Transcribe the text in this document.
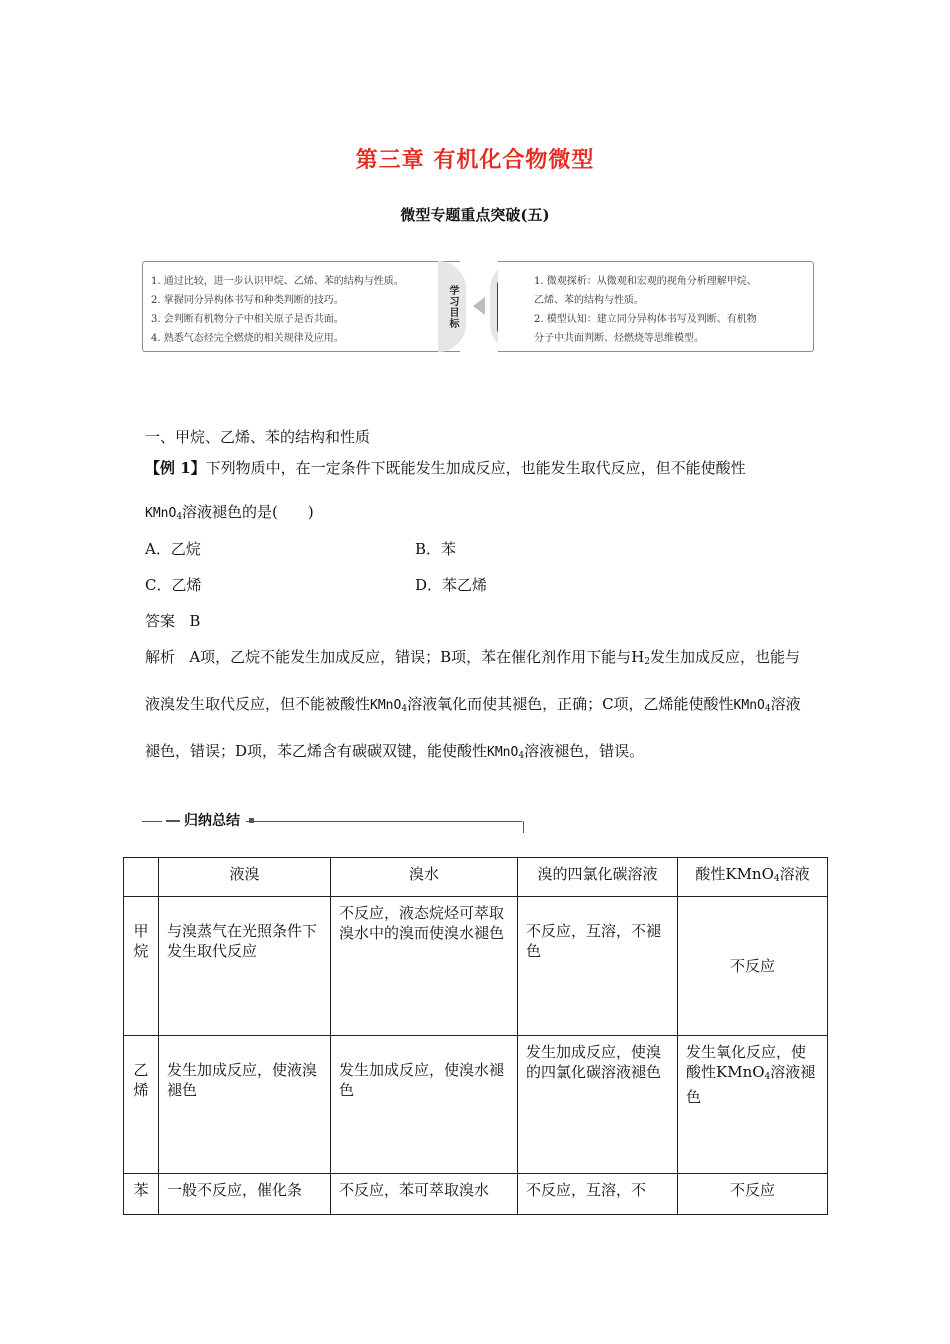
第三章 有机化合物微型
微型专题重点突破(五)
1. 通过比较，进一步认识甲烷、乙烯、苯的结构与性质。
2. 掌握同分异构体书写和种类判断的技巧。
3. 会判断有机物分子中相关原子是否共面。
4. 熟悉气态烃完全燃烧的相关规律及应用。
学习目标
1. 微观探析：从微观和宏观的视角分析理解甲烷、
乙烯、苯的结构与性质。
2. 模型认知：建立同分异构体书写及判断、有机物
分子中共面判断、烃燃烧等思维模型。
一、甲烷、乙烯、苯的结构和性质
【例 1】下列物质中，在一定条件下既能发生加成反应，也能发生取代反应，但不能使酸性
KMnO$_4$溶液褪色的是(　　)
A．乙烷	B．苯
C．乙烯	D．苯乙烯
答案 B
解析 A项，乙烷不能发生加成反应，错误；B项，苯在催化剂作用下能与$H_2$发生加成反应，也能与液溴发生取代反应，但不能被酸性KMnO$_4$溶液氧化而使其褪色，正确；C项，乙烯能使酸性KMnO$_4$溶液褪色，错误；D项，苯乙烯含有碳碳双键，能使酸性KMnO$_4$溶液褪色，错误。
归纳总结
	液溴	溴水	溴的四氯化碳溶液	酸性KMnO$_4$溶液
甲烷	与溴蒸气在光照条件下发生取代反应	不反应，液态烷烃可萃取溴水中的溴而使溴水褪色	不反应，互溶，不褪色	不反应
乙烯	发生加成反应，使液溴褪色	发生加成反应，使溴水褪色	发生加成反应，使溴的四氯化碳溶液褪色	发生氧化反应，使酸性KMnO$_4$溶液褪色
苯	一般不反应，催化条	不反应，苯可萃取溴水	不反应，互溶，不	不反应
